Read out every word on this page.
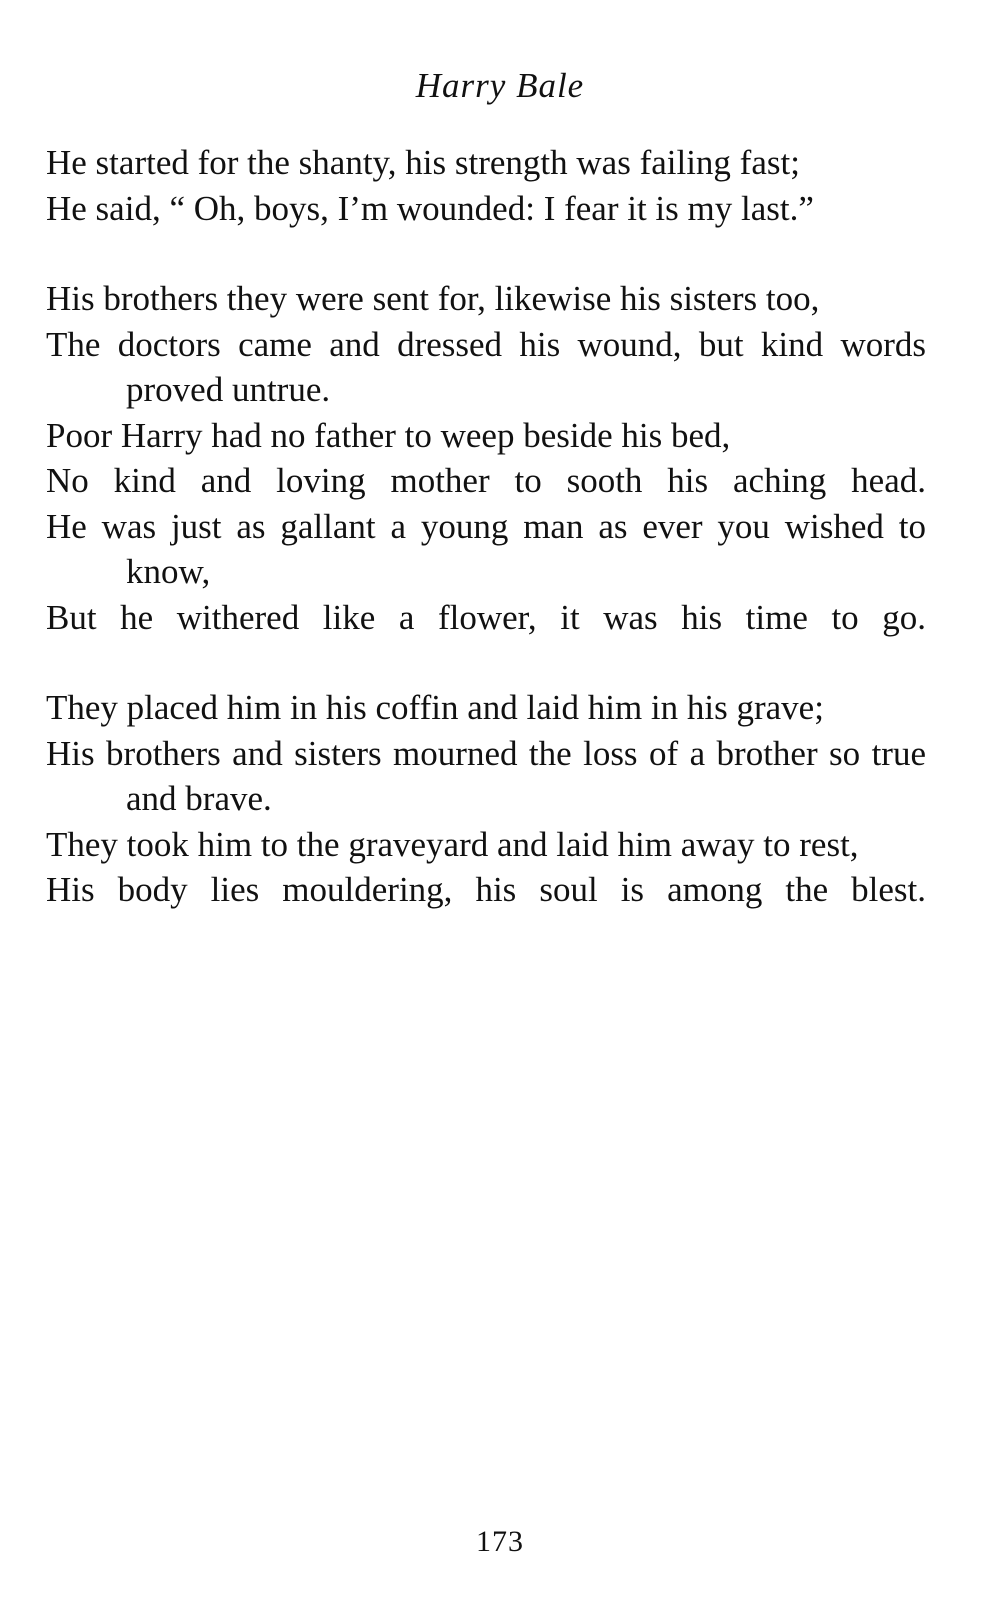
Harry Bale

He started for the shanty, his strength was failing fast;

He said, “ Oh, boys, I’m wounded: I fear it is my last.”

His brothers they were sent for, likewise his sisters too,

The doctors came and dressed his wound, but kind words proved untrue.

Poor Harry had no father to weep beside his bed,

No kind and loving mother to sooth his aching head.

He was just as gallant a young man as ever you wished to know,

But he withered like a flower, it was his time to go.

They placed him in his coffin and laid him in his grave;

His brothers and sisters mourned the loss of a brother so true and brave.

They took him to the graveyard and laid him away to rest,

His body lies mouldering, his soul is among the blest.

173
